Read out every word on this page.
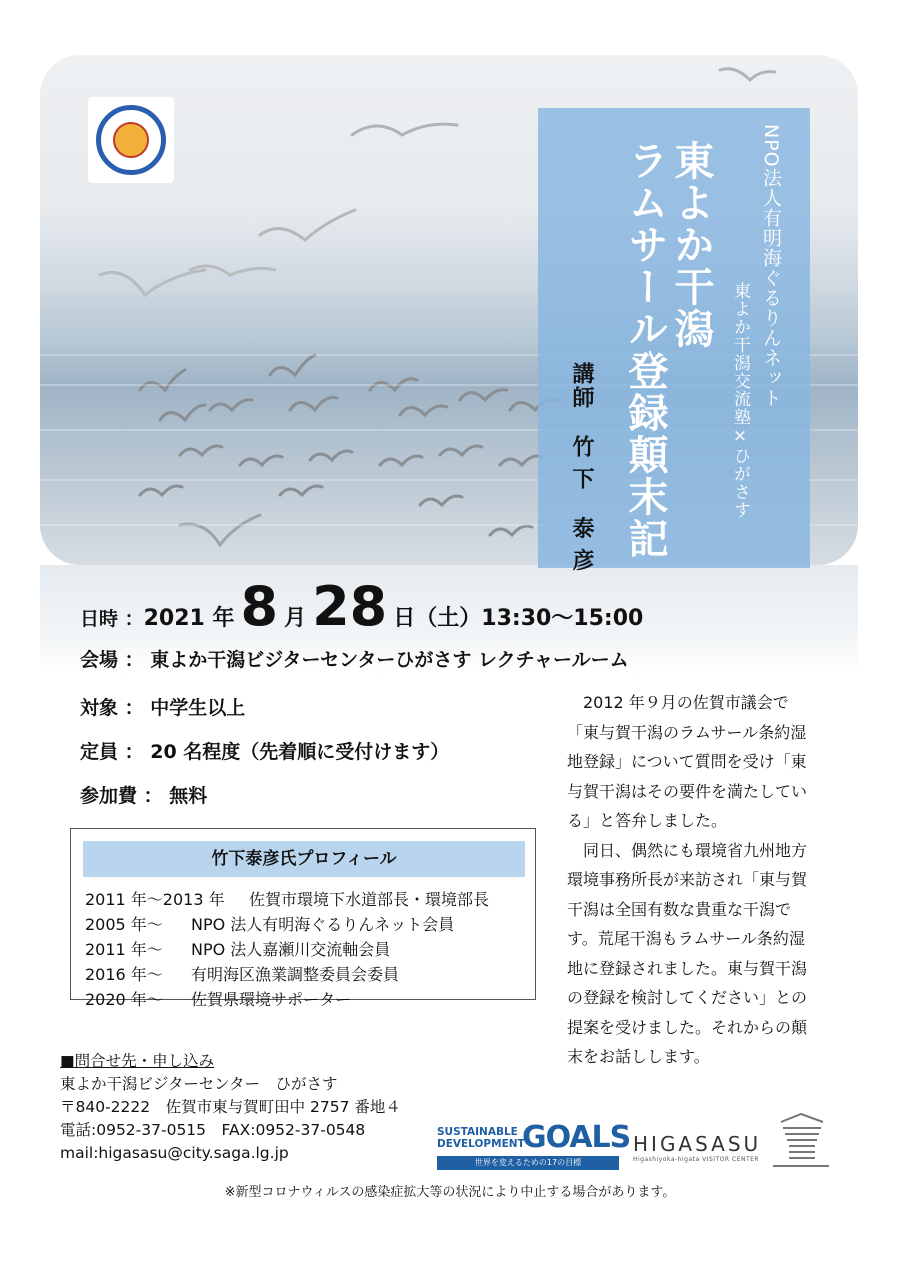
NPO法人有明海ぐるりんネット
東よか干潟交流塾×ひがさす
東よか干潟
ラムサール登録顛末記
講師
竹下 泰彦
日時 ： 2021 年 8 月 28 日 （土）13:30〜15:00
会場 ： 東よか干潟ビジターセンターひがさす レクチャールーム
対象 ： 中学生以上
定員 ： 20 名程度（先着順に受付けます）
参加費 ： 無料
竹下泰彦氏プロフィール
2011 年〜2013 年	佐賀市環境下水道部長・環境部長
2005 年〜	NPO 法人有明海ぐるりんネット会員
2011 年〜	NPO 法人嘉瀬川交流軸会員
2016 年〜	有明海区漁業調整委員会委員
2020 年〜	佐賀県環境サポーター

2012 年９月の佐賀市議会で「東与賀干潟のラムサール条約湿地登録」について質問を受け「東与賀干潟はその要件を満たしている」と答弁しました。

同日、偶然にも環境省九州地方環境事務所長が来訪され「東与賀干潟は全国有数な貴重な干潟です。荒尾干潟もラムサール条約湿地に登録されました。東与賀干潟の登録を検討してください」との提案を受けました。それからの顛末をお話しします。

■問合せ先・申し込み
東よか干潟ビジターセンター　ひがさす
〒840-2222　佐賀市東与賀町田中 2757 番地４
電話:0952-37-0515　FAX:0952-37-0548
mail:higasasu@city.saga.lg.jp
SUSTAINABLE
DEVELOPMENT
GOALS
世界を変えるための17の目標
HIGASASU
Higashiyoka-higata VISITOR CENTER
※新型コロナウィルスの感染症拡大等の状況により中止する場合があります。
